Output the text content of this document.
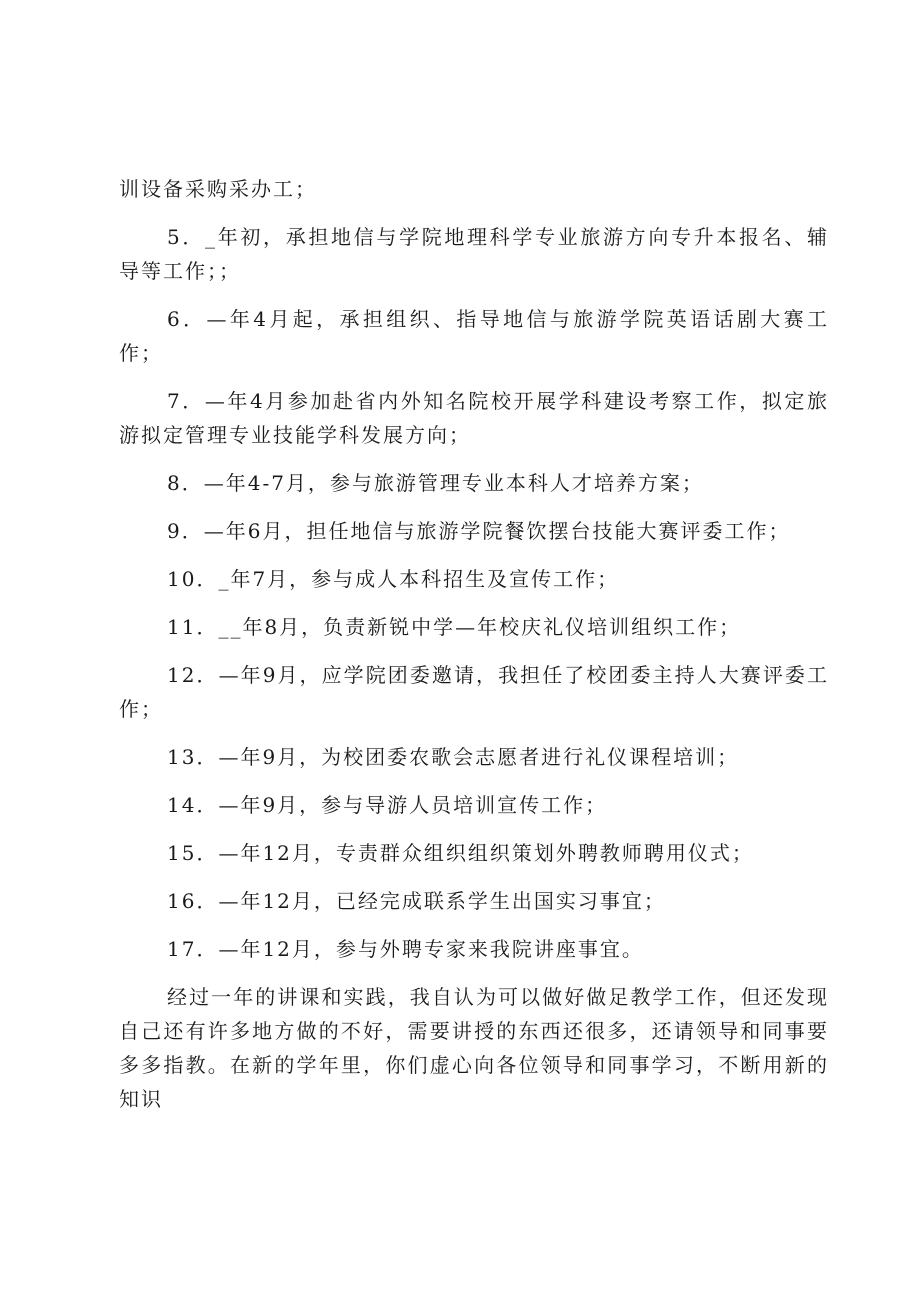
训设备采购采办工；

5．_年初，承担地信与学院地理科学专业旅游方向专升本报名、辅导等工作；；

6．—年4月起，承担组织、指导地信与旅游学院英语话剧大赛工作；

7．—年4月参加赴省内外知名院校开展学科建设考察工作，拟定旅游拟定管理专业技能学科发展方向；

8．—年4-7月，参与旅游管理专业本科人才培养方案；

9．—年6月，担任地信与旅游学院餐饮摆台技能大赛评委工作；

10．_年7月，参与成人本科招生及宣传工作；

11．__年8月，负责新锐中学—年校庆礼仪培训组织工作；

12．—年9月，应学院团委邀请，我担任了校团委主持人大赛评委工作；

13．—年9月，为校团委农歌会志愿者进行礼仪课程培训；

14．—年9月，参与导游人员培训宣传工作；

15．—年12月，专责群众组织组织策划外聘教师聘用仪式；

16．—年12月，已经完成联系学生出国实习事宜；

17．—年12月，参与外聘专家来我院讲座事宜。

经过一年的讲课和实践，我自认为可以做好做足教学工作，但还发现自己还有许多地方做的不好，需要讲授的东西还很多，还请领导和同事要多多指教。在新的学年里，你们虚心向各位领导和同事学习，不断用新的知识
